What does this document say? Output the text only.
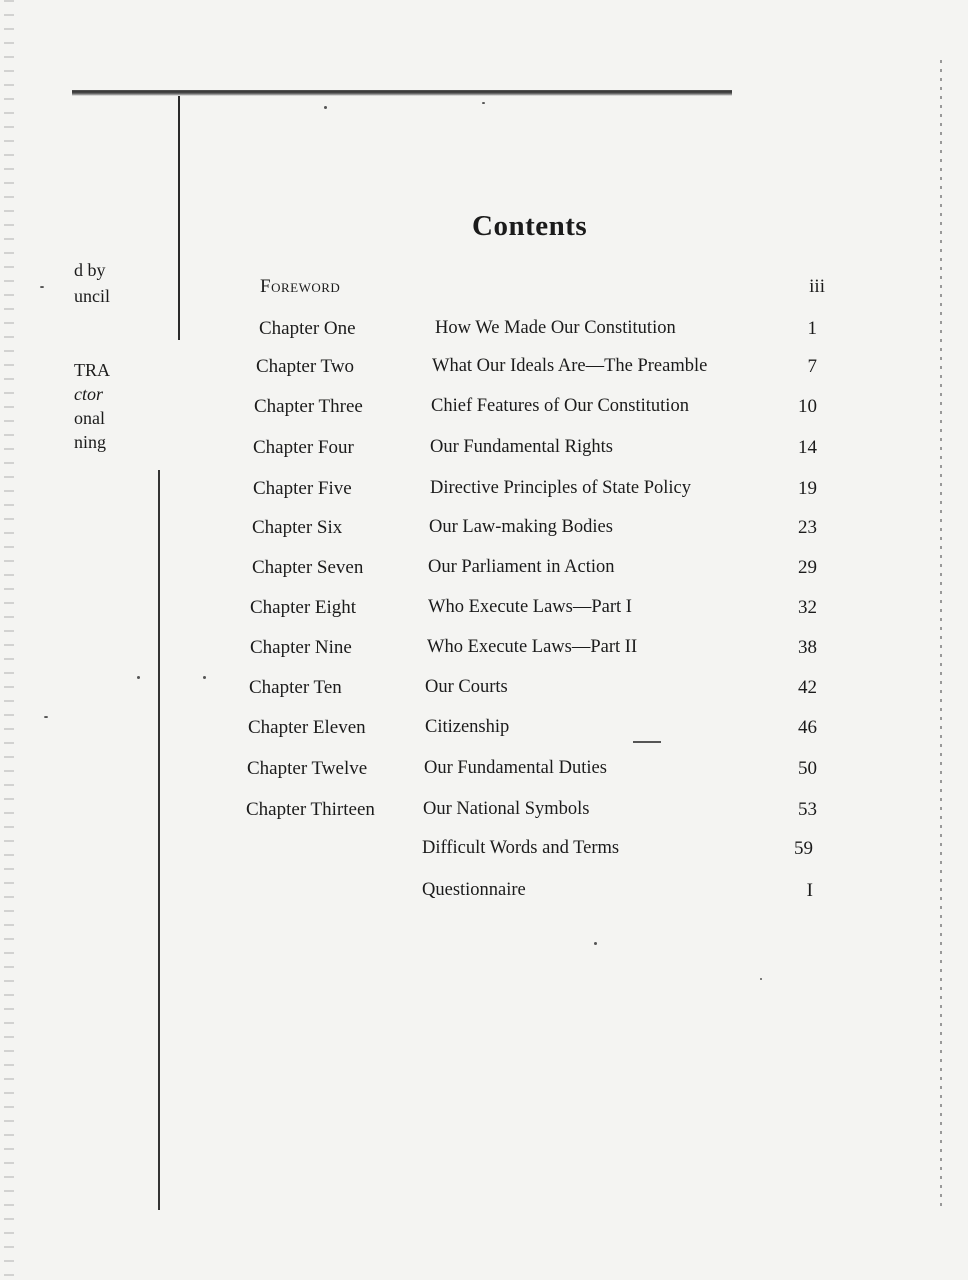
d by
uncil
TRA
ctor
onal
ning
Contents
Foreword	iii
Chapter One	How We Made Our Constitution	1
Chapter Two	What Our Ideals Are—The Preamble	7
Chapter Three	Chief Features of Our Constitution	10
Chapter Four	Our Fundamental Rights	14
Chapter Five	Directive Principles of State Policy	19
Chapter Six	Our Law-making Bodies	23
Chapter Seven	Our Parliament in Action	29
Chapter Eight	Who Execute Laws—Part I	32
Chapter Nine	Who Execute Laws—Part II	38
Chapter Ten	Our Courts	42
Chapter Eleven	Citizenship	46
Chapter Twelve	Our Fundamental Duties	50
Chapter Thirteen	Our National Symbols	53
Difficult Words and Terms	59
Questionnaire	I
